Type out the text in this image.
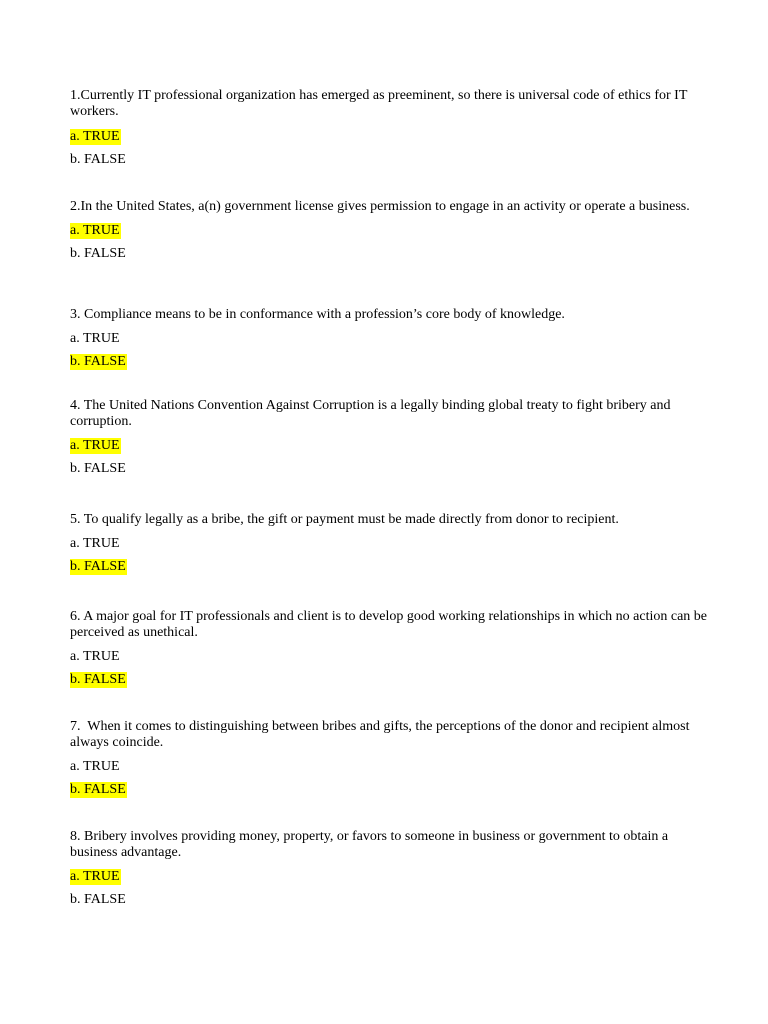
1.Currently IT professional organization has emerged as preeminent, so there is universal code of ethics for IT workers.

a. TRUE

b. FALSE

2.In the United States, a(n) government license gives permission to engage in an activity or operate a business.

a. TRUE

b. FALSE

3. Compliance means to be in conformance with a profession’s core body of knowledge.

a. TRUE

b. FALSE

4. The United Nations Convention Against Corruption is a legally binding global treaty to fight bribery and corruption.

a. TRUE

b. FALSE

5. To qualify legally as a bribe, the gift or payment must be made directly from donor to recipient.

a. TRUE

b. FALSE

6. A major goal for IT professionals and client is to develop good working relationships in which no action can be perceived as unethical.

a. TRUE

b. FALSE

7.  When it comes to distinguishing between bribes and gifts, the perceptions of the donor and recipient almost always coincide.

a. TRUE

b. FALSE

8. Bribery involves providing money, property, or favors to someone in business or government to obtain a business advantage.

a. TRUE

b. FALSE
